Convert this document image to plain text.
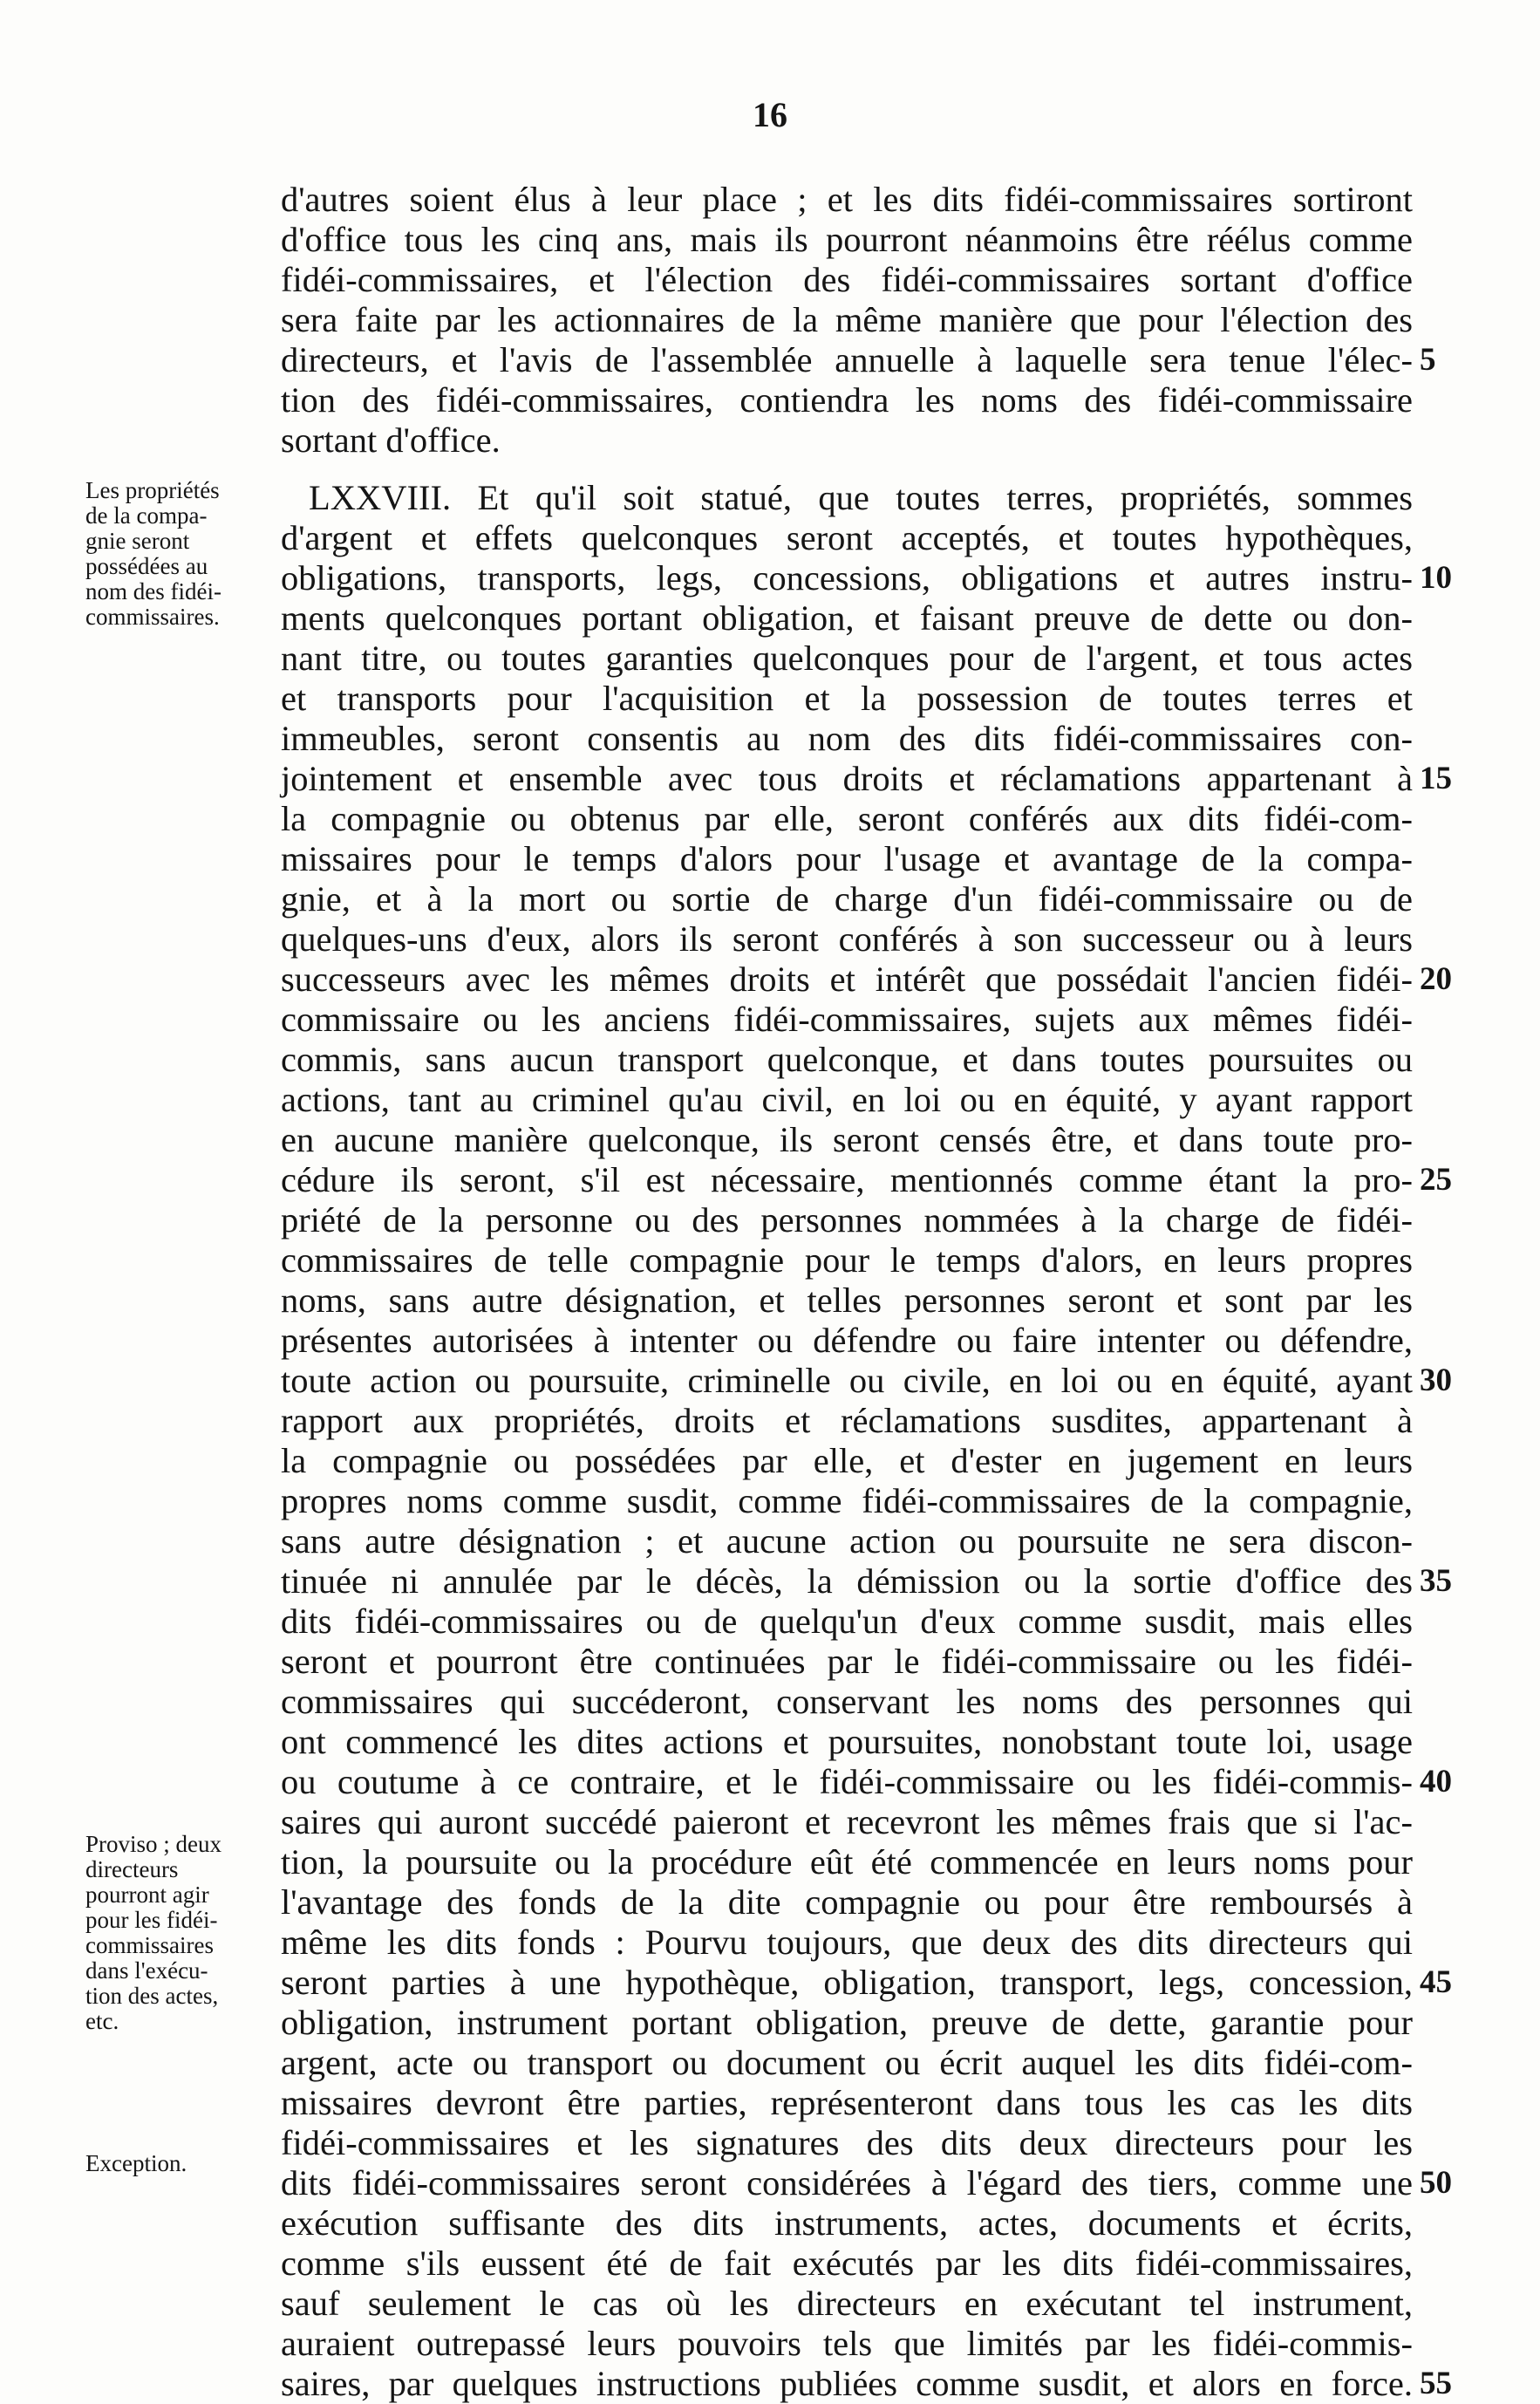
16
d'autres soient élus à leur place ; et les dits fidéi-commissaires sortiront
d'office tous les cinq ans, mais ils pourront néanmoins être réélus comme
fidéi-commissaires, et l'élection des fidéi-commissaires sortant d'office
sera faite par les actionnaires de la même manière que pour l'élection des
directeurs, et l'avis de l'assemblée annuelle à laquelle sera tenue l'élec-
tion des fidéi-commissaires, contiendra les noms des fidéi-commissaire
sortant d'office.
LXXVIII. Et qu'il soit statué, que toutes terres, propriétés, sommes
d'argent et effets quelconques seront acceptés, et toutes hypothèques,
obligations, transports, legs, concessions, obligations et autres instru-
ments quelconques portant obligation, et faisant preuve de dette ou don-
nant titre, ou toutes garanties quelconques pour de l'argent, et tous actes
et transports pour l'acquisition et la possession de toutes terres et
immeubles, seront consentis au nom des dits fidéi-commissaires con-
jointement et ensemble avec tous droits et réclamations appartenant à
la compagnie ou obtenus par elle, seront conférés aux dits fidéi-com-
missaires pour le temps d'alors pour l'usage et avantage de la compa-
gnie, et à la mort ou sortie de charge d'un fidéi-commissaire ou de
quelques-uns d'eux, alors ils seront conférés à son successeur ou à leurs
successeurs avec les mêmes droits et intérêt que possédait l'ancien fidéi-
commissaire ou les anciens fidéi-commissaires, sujets aux mêmes fidéi-
commis, sans aucun transport quelconque, et dans toutes poursuites ou
actions, tant au criminel qu'au civil, en loi ou en équité, y ayant rapport
en aucune manière quelconque, ils seront censés être, et dans toute pro-
cédure ils seront, s'il est nécessaire, mentionnés comme étant la pro-
priété de la personne ou des personnes nommées à la charge de fidéi-
commissaires de telle compagnie pour le temps d'alors, en leurs propres
noms, sans autre désignation, et telles personnes seront et sont par les
présentes autorisées à intenter ou défendre ou faire intenter ou défendre,
toute action ou poursuite, criminelle ou civile, en loi ou en équité, ayant
rapport aux propriétés, droits et réclamations susdites, appartenant à
la compagnie ou possédées par elle, et d'ester en jugement en leurs
propres noms comme susdit, comme fidéi-commissaires de la compagnie,
sans autre désignation ; et aucune action ou poursuite ne sera discon-
tinuée ni annulée par le décès, la démission ou la sortie d'office des
dits fidéi-commissaires ou de quelqu'un d'eux comme susdit, mais elles
seront et pourront être continuées par le fidéi-commissaire ou les fidéi-
commissaires qui succéderont, conservant les noms des personnes qui
ont commencé les dites actions et poursuites, nonobstant toute loi, usage
ou coutume à ce contraire, et le fidéi-commissaire ou les fidéi-commis-
saires qui auront succédé paieront et recevront les mêmes frais que si l'ac-
tion, la poursuite ou la procédure eût été commencée en leurs noms pour
l'avantage des fonds de la dite compagnie ou pour être remboursés à
même les dits fonds : Pourvu toujours, que deux des dits directeurs qui
seront parties à une hypothèque, obligation, transport, legs, concession,
obligation, instrument portant obligation, preuve de dette, garantie pour
argent, acte ou transport ou document ou écrit auquel les dits fidéi-com-
missaires devront être parties, représenteront dans tous les cas les dits
fidéi-commissaires et les signatures des dits deux directeurs pour les
dits fidéi-commissaires seront considérées à l'égard des tiers, comme une
exécution suffisante des dits instruments, actes, documents et écrits,
comme s'ils eussent été de fait exécutés par les dits fidéi-commissaires,
sauf seulement le cas où les directeurs en exécutant tel instrument,
auraient outrepassé leurs pouvoirs tels que limités par les fidéi-commis-
saires, par quelques instructions publiées comme susdit, et alors en force.
5
10
15
20
25
30
35
40
45
50
55
Les propriétés
de la compa-
gnie seront
possédées au
nom des fidéi-
commissaires.
Proviso ; deux
directeurs
pourront agir
pour les fidéi-
commissaires
dans l'exécu-
tion des actes,
etc.
Exception.
